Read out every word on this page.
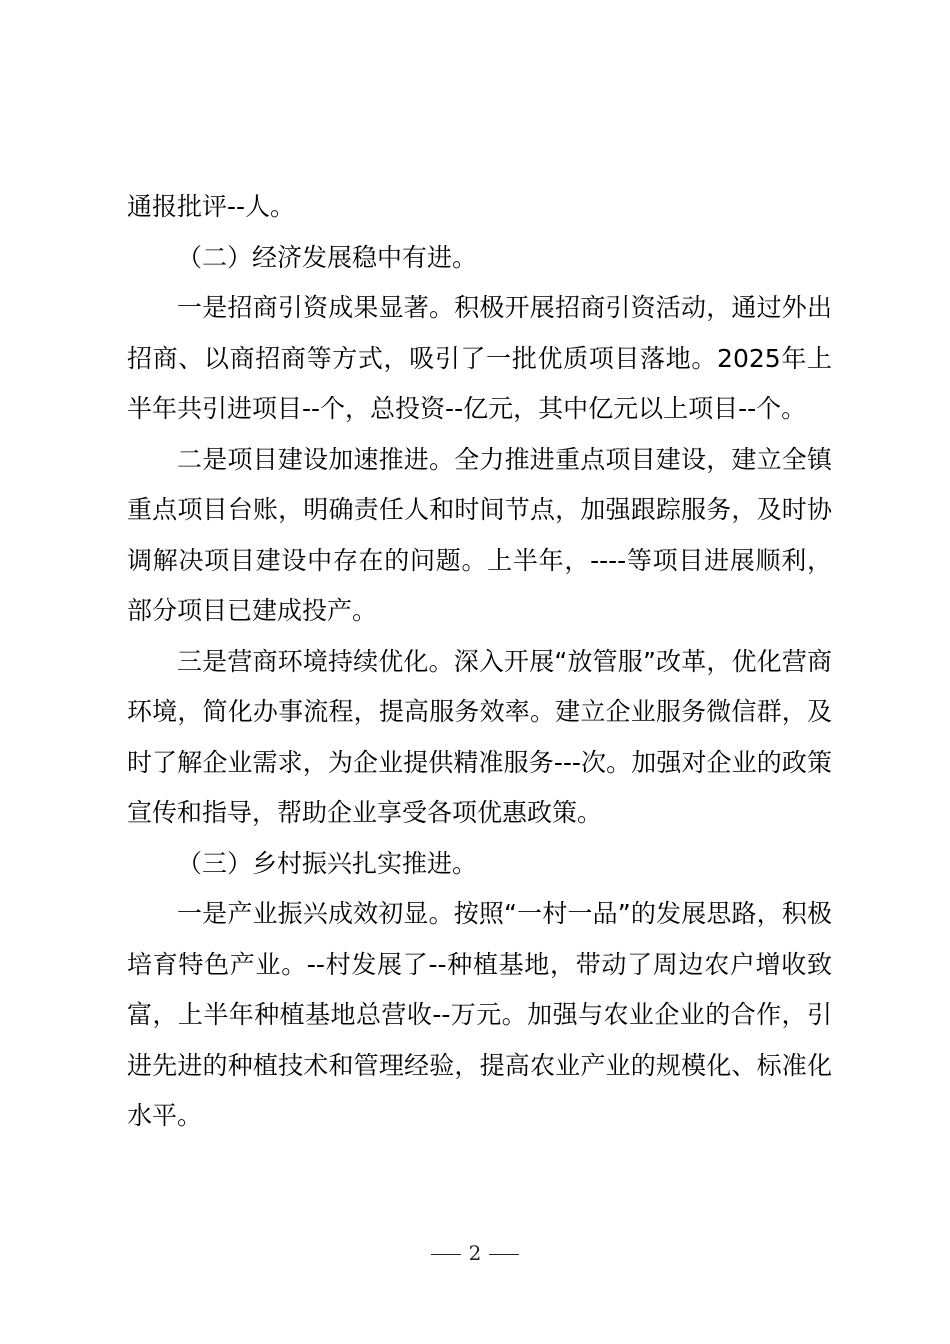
通报批评--人。

（二）经济发展稳中有进。

一是招商引资成果显著。积极开展招商引资活动，通过外出招商、以商招商等方式，吸引了一批优质项目落地。2025年上半年共引进项目--个，总投资--亿元，其中亿元以上项目--个。

二是项目建设加速推进。全力推进重点项目建设，建立全镇重点项目台账，明确责任人和时间节点，加强跟踪服务，及时协调解决项目建设中存在的问题。上半年，----等项目进展顺利，部分项目已建成投产。

三是营商环境持续优化。深入开展“放管服”改革，优化营商环境，简化办事流程，提高服务效率。建立企业服务微信群，及时了解企业需求，为企业提供精准服务---次。加强对企业的政策宣传和指导，帮助企业享受各项优惠政策。

（三）乡村振兴扎实推进。

一是产业振兴成效初显。按照“一村一品”的发展思路，积极培育特色产业。--村发展了--种植基地，带动了周边农户增收致富，上半年种植基地总营收--万元。加强与农业企业的合作，引进先进的种植技术和管理经验，提高农业产业的规模化、标准化水平。

2
